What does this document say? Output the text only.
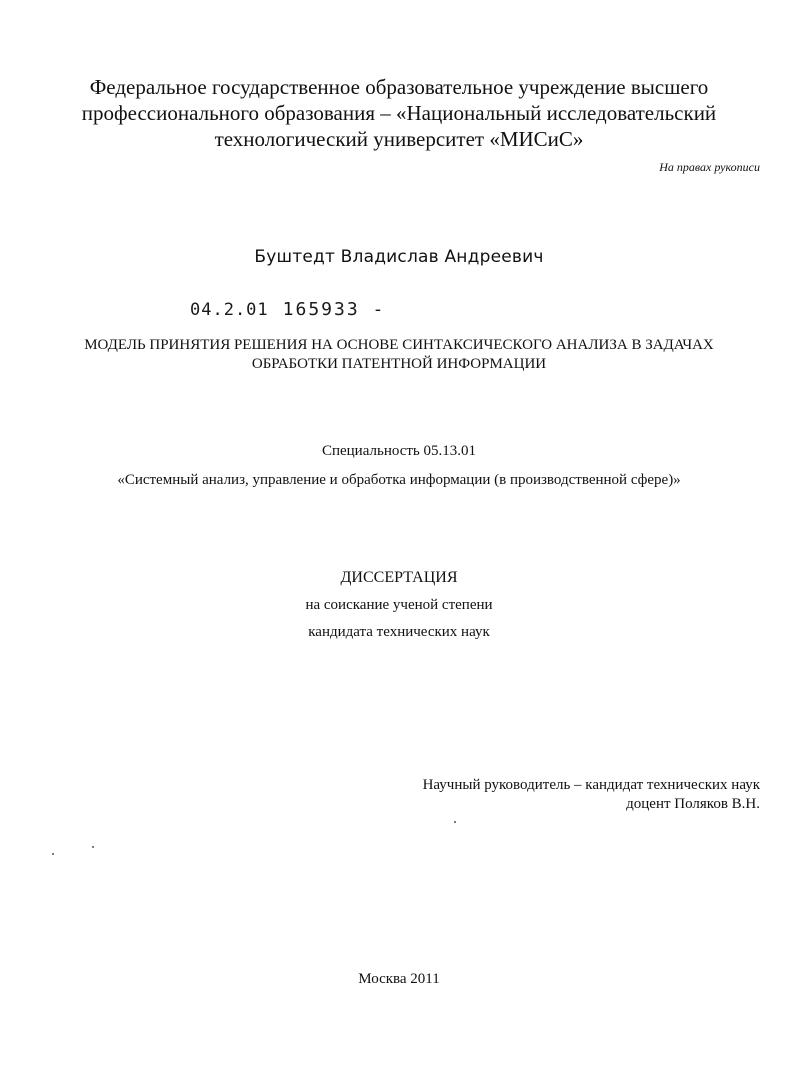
Федеральное государственное образовательное учреждение высшего
профессионального образования – «Национальный исследовательский
технологический университет «МИСиС»
На правах рукописи
Буштедт Владислав Андреевич
04.2.01 165933 -
МОДЕЛЬ ПРИНЯТИЯ РЕШЕНИЯ НА ОСНОВЕ СИНТАКСИЧЕСКОГО АНАЛИЗА В ЗАДАЧАХ
ОБРАБОТКИ ПАТЕНТНОЙ ИНФОРМАЦИИ
Специальность 05.13.01
«Системный анализ, управление и обработка информации (в производственной сфере)»
ДИССЕРТАЦИЯ
на соискание ученой степени
кандидата технических наук
Научный руководитель – кандидат технических наук
доцент Поляков В.Н.
Москва 2011
